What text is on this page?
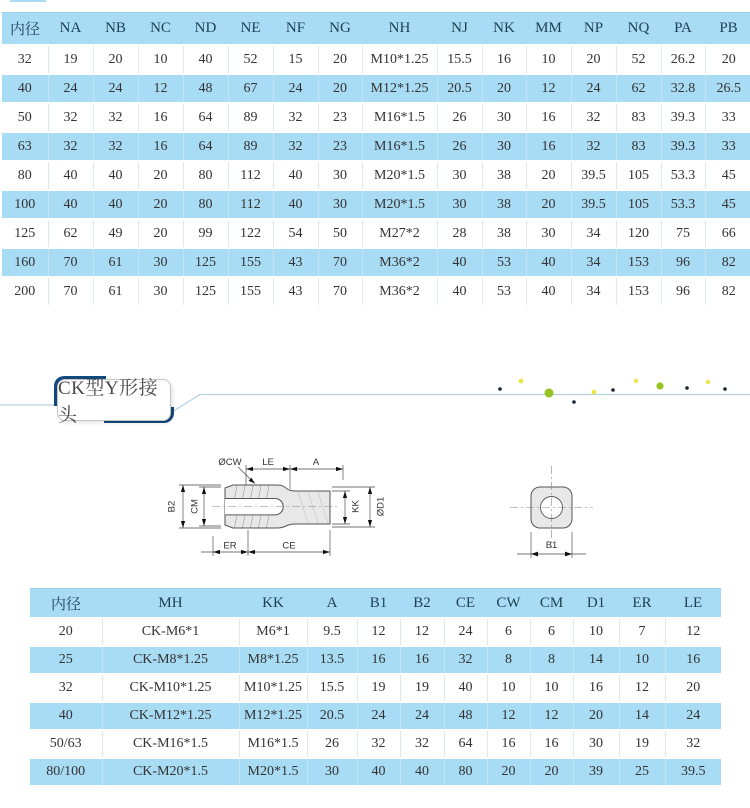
内径	NA	NB	NC	ND	NE	NF	NG	NH	NJ	NK	MM	NP	NQ	PA	PB
32	19	20	10	40	52	15	20	M10*1.25	15.5	16	10	20	52	26.2	20
40	24	24	12	48	67	24	20	M12*1.25	20.5	20	12	24	62	32.8	26.5
50	32	32	16	64	89	32	23	M16*1.5	26	30	16	32	83	39.3	33
63	32	32	16	64	89	32	23	M16*1.5	26	30	16	32	83	39.3	33
80	40	40	20	80	112	40	30	M20*1.5	30	38	20	39.5	105	53.3	45
100	40	40	20	80	112	40	30	M20*1.5	30	38	20	39.5	105	53.3	45
125	62	49	20	99	122	54	50	M27*2	28	38	30	34	120	75	66
160	70	61	30	125	155	43	70	M36*2	40	53	40	34	153	96	82
200	70	61	30	125	155	43	70	M36*2	40	53	40	34	153	96	82
CK型Y形接头
ØCW LE	A
B2 CM	KK ØD1
ER	CE	B1
内径	MH	KK	A	B1	B2	CE	CW	CM	D1	ER	LE
20	CK-M6*1	M6*1	9.5	12	12	24	6	6	10	7	12
25	CK-M8*1.25	M8*1.25	13.5	16	16	32	8	8	14	10	16
32	CK-M10*1.25	M10*1.25	15.5	19	19	40	10	10	16	12	20
40	CK-M12*1.25	M12*1.25	20.5	24	24	48	12	12	20	14	24
50/63	CK-M16*1.5	M16*1.5	26	32	32	64	16	16	30	19	32
80/100	CK-M20*1.5	M20*1.5	30	40	40	80	20	20	39	25	39.5
